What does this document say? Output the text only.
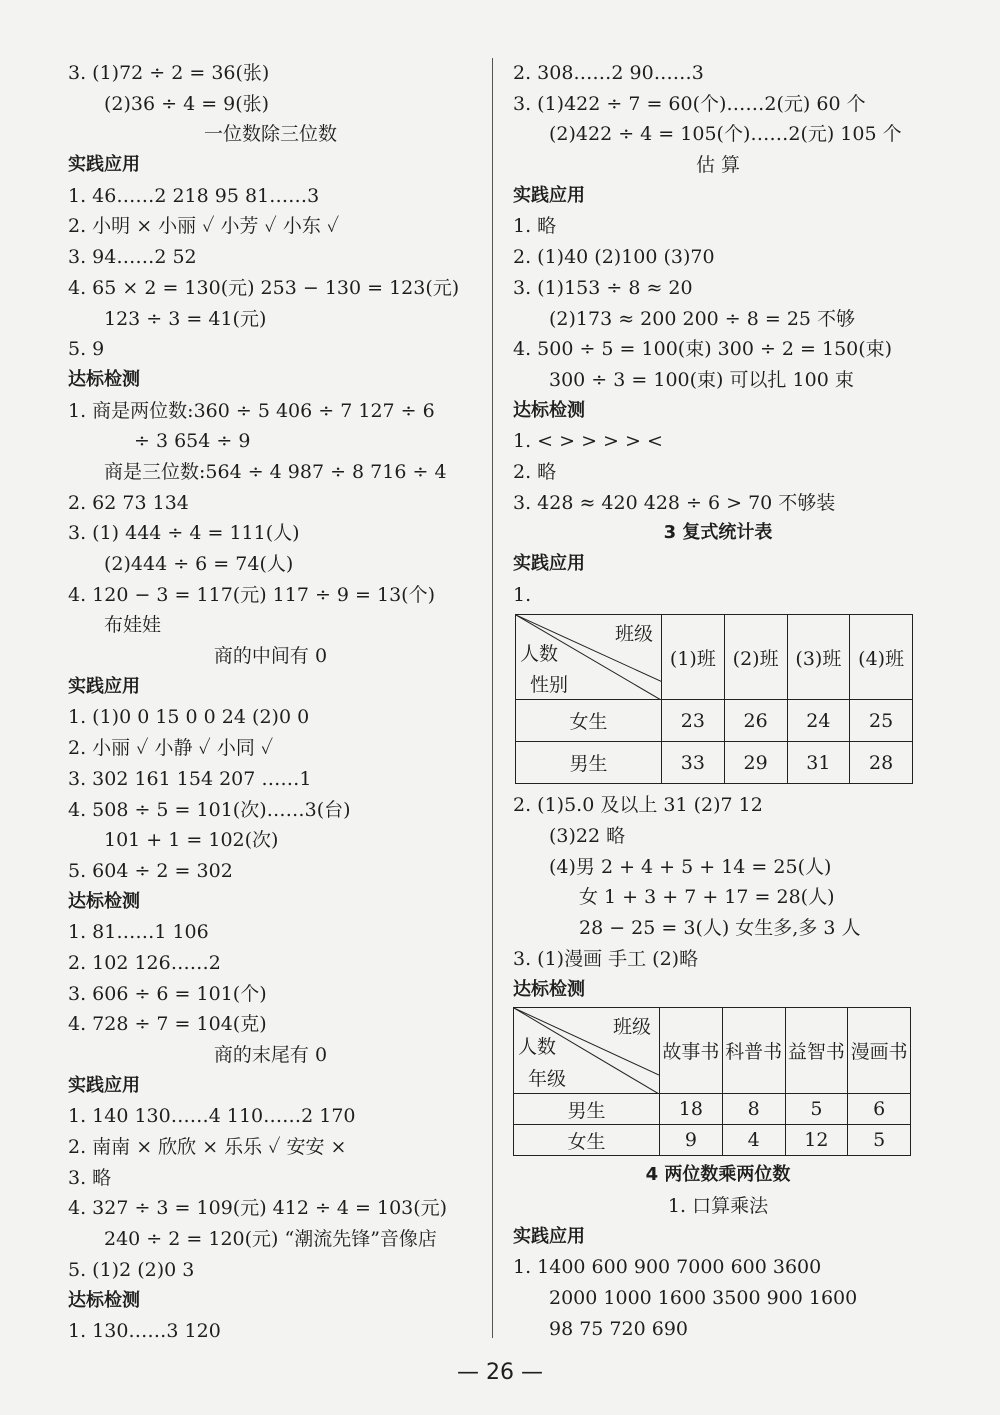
3. (1)72 ÷ 2 = 36(张)
(2)36 ÷ 4 = 9(张)
一位数除三位数
实践应用
1. 46……2 218 95 81……3
2. 小明 × 小丽 ✓ 小芳 ✓ 小东 ✓
3. 94……2 52
4. 65 × 2 = 130(元) 253 − 130 = 123(元)
123 ÷ 3 = 41(元)
5. 9
达标检测
1. 商是两位数:360 ÷ 5 406 ÷ 7 127 ÷ 6
÷ 3 654 ÷ 9
商是三位数:564 ÷ 4 987 ÷ 8 716 ÷ 4
2. 62 73 134
3. (1) 444 ÷ 4 = 111(人)
(2)444 ÷ 6 = 74(人)
4. 120 − 3 = 117(元) 117 ÷ 9 = 13(个)
布娃娃
商的中间有 0
实践应用
1. (1)0 0 15 0 0 24 (2)0 0
2. 小丽 ✓ 小静 ✓ 小同 ✓
3. 302 161 154 207 ……1
4. 508 ÷ 5 = 101(次)……3(台)
101 + 1 = 102(次)
5. 604 ÷ 2 = 302
达标检测
1. 81……1 106
2. 102 126……2
3. 606 ÷ 6 = 101(个)
4. 728 ÷ 7 = 104(克)
商的末尾有 0
实践应用
1. 140 130……4 110……2 170
2. 南南 × 欣欣 × 乐乐 ✓ 安安 ×
3. 略
4. 327 ÷ 3 = 109(元) 412 ÷ 4 = 103(元)
240 ÷ 2 = 120(元) “潮流先锋”音像店
5. (1)2 (2)0 3
达标检测
1. 130……3 120
2. 308……2 90……3
3. (1)422 ÷ 7 = 60(个)……2(元) 60 个
(2)422 ÷ 4 = 105(个)……2(元) 105 个
估 算
实践应用
1. 略
2. (1)40 (2)100 (3)70
3. (1)153 ÷ 8 ≈ 20
(2)173 ≈ 200 200 ÷ 8 = 25 不够
4. 500 ÷ 5 = 100(束) 300 ÷ 2 = 150(束)
300 ÷ 3 = 100(束) 可以扎 100 束
达标检测
1. < > > > > <
2. 略
3. 428 ≈ 420 428 ÷ 6 > 70 不够装
3 复式统计表
实践应用
1.
班级
人数
性别	(1)班	(2)班	(3)班	(4)班
女生	23	26	24	25
男生	33	29	31	28
2. (1)5.0 及以上 31 (2)7 12
(3)22 略
(4)男 2 + 4 + 5 + 14 = 25(人)
女 1 + 3 + 7 + 17 = 28(人)
28 − 25 = 3(人) 女生多,多 3 人
3. (1)漫画 手工 (2)略
达标检测
班级
人数
年级	故事书	科普书	益智书	漫画书
男生	18	8	5	6
女生	9	4	12	5
4 两位数乘两位数
1. 口算乘法
实践应用
1. 1400 600 900 7000 600 3600
2000 1000 1600 3500 900 1600
98 75 720 690
— 26 —
